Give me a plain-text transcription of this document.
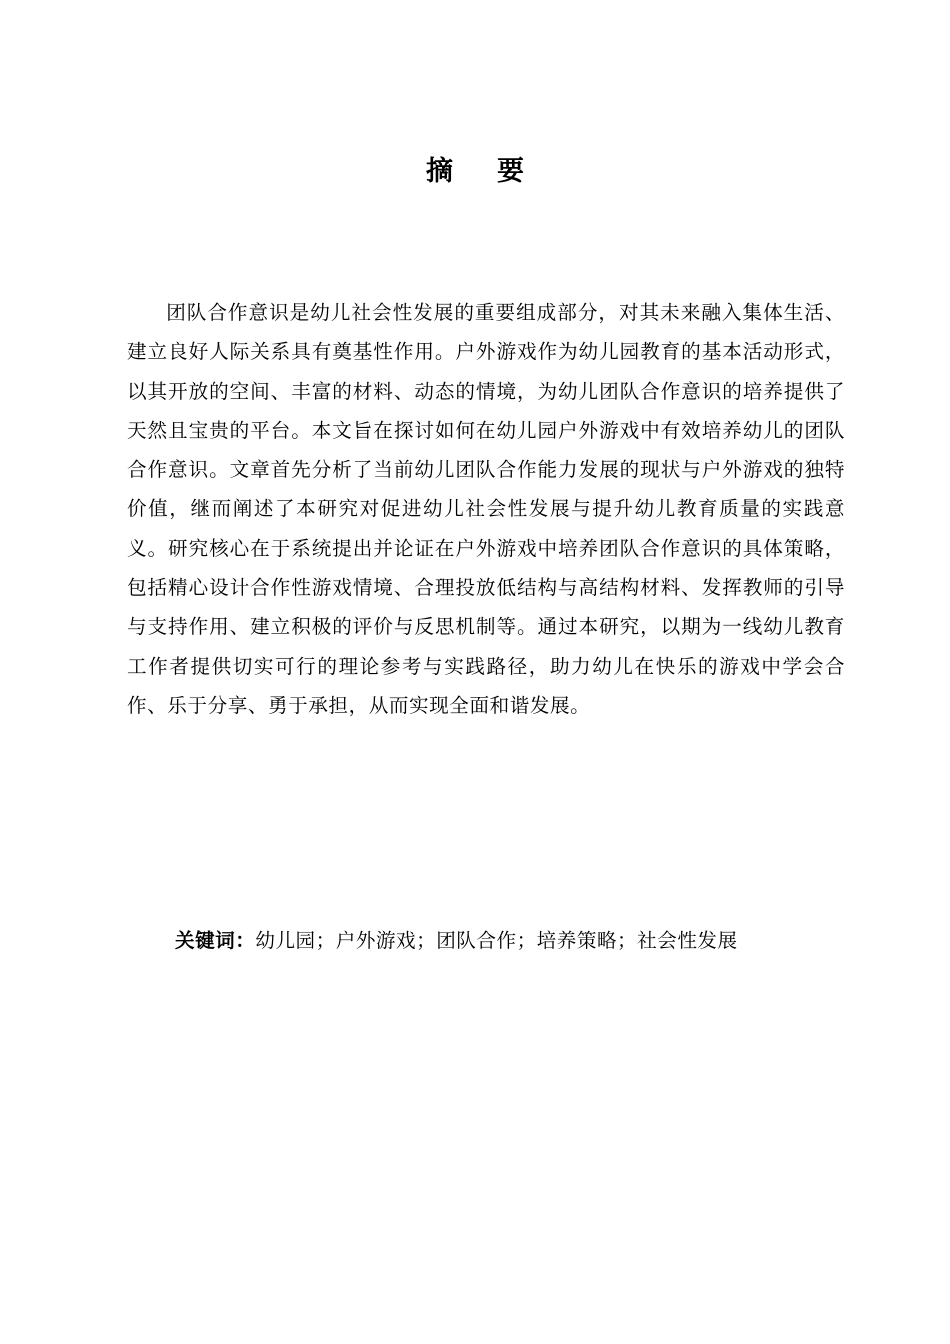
摘 要

团队合作意识是幼儿社会性发展的重要组成部分，对其未来融入集体生活、建立良好人际关系具有奠基性作用。户外游戏作为幼儿园教育的基本活动形式，以其开放的空间、丰富的材料、动态的情境，为幼儿团队合作意识的培养提供了天然且宝贵的平台。本文旨在探讨如何在幼儿园户外游戏中有效培养幼儿的团队合作意识。文章首先分析了当前幼儿团队合作能力发展的现状与户外游戏的独特价值，继而阐述了本研究对促进幼儿社会性发展与提升幼儿教育质量的实践意义。研究核心在于系统提出并论证在户外游戏中培养团队合作意识的具体策略，包括精心设计合作性游戏情境、合理投放低结构与高结构材料、发挥教师的引导与支持作用、建立积极的评价与反思机制等。通过本研究，以期为一线幼儿教育工作者提供切实可行的理论参考与实践路径，助力幼儿在快乐的游戏中学会合作、乐于分享、勇于承担，从而实现全面和谐发展。

关键词：幼儿园；户外游戏；团队合作；培养策略；社会性发展
